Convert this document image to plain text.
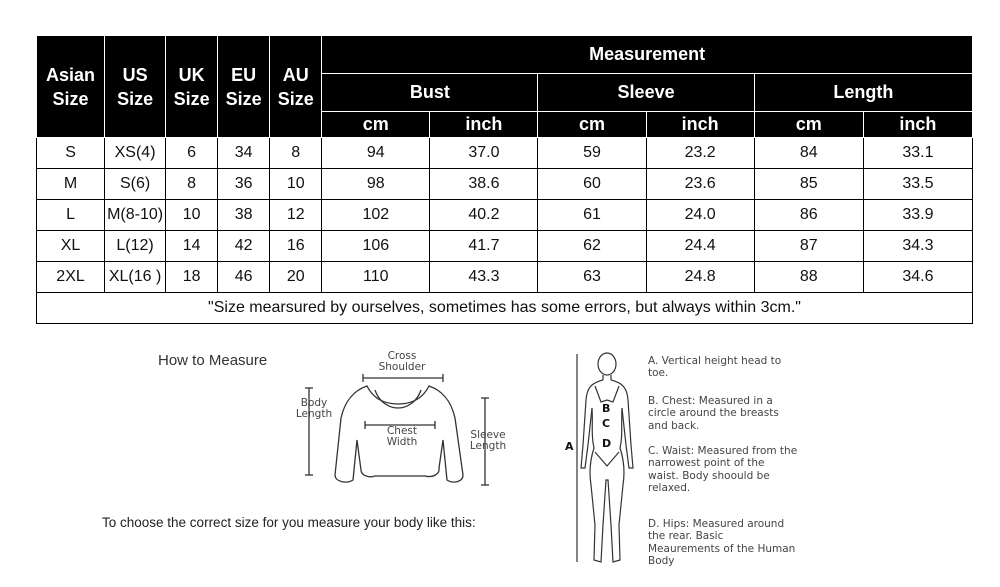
Asian Size	US Size	UK Size	EU Size	AU Size	Measurement					
					Bust		Sleeve		Length	
					cm	inch	cm	inch	cm	inch
S	XS(4)	6	34	8	94	37.0	59	23.2	84	33.1
M	S(6)	8	36	10	98	38.6	60	23.6	85	33.5
L	M(8-10)	10	38	12	102	40.2	61	24.0	86	33.9
XL	L(12)	14	42	16	106	41.7	62	24.4	87	34.3
2XL	XL(16 )	18	46	20	110	43.3	63	24.8	88	34.6
"Size mearsured by ourselves, sometimes has some errors, but always within 3cm."										
How to Measure	Cross Shoulder
Body Length
Chest Width
Sleeve Length
To choose the correct size for you measure your body like this:
A
B
C
D
A. Vertical height head to toe.
B. Chest: Measured in a circle around the breasts and back.
C. Waist: Measured from the narrowest point of the waist. Body shoould be relaxed.
D. Hips: Measured around the rear. Basic Meaurements of the Human Body
